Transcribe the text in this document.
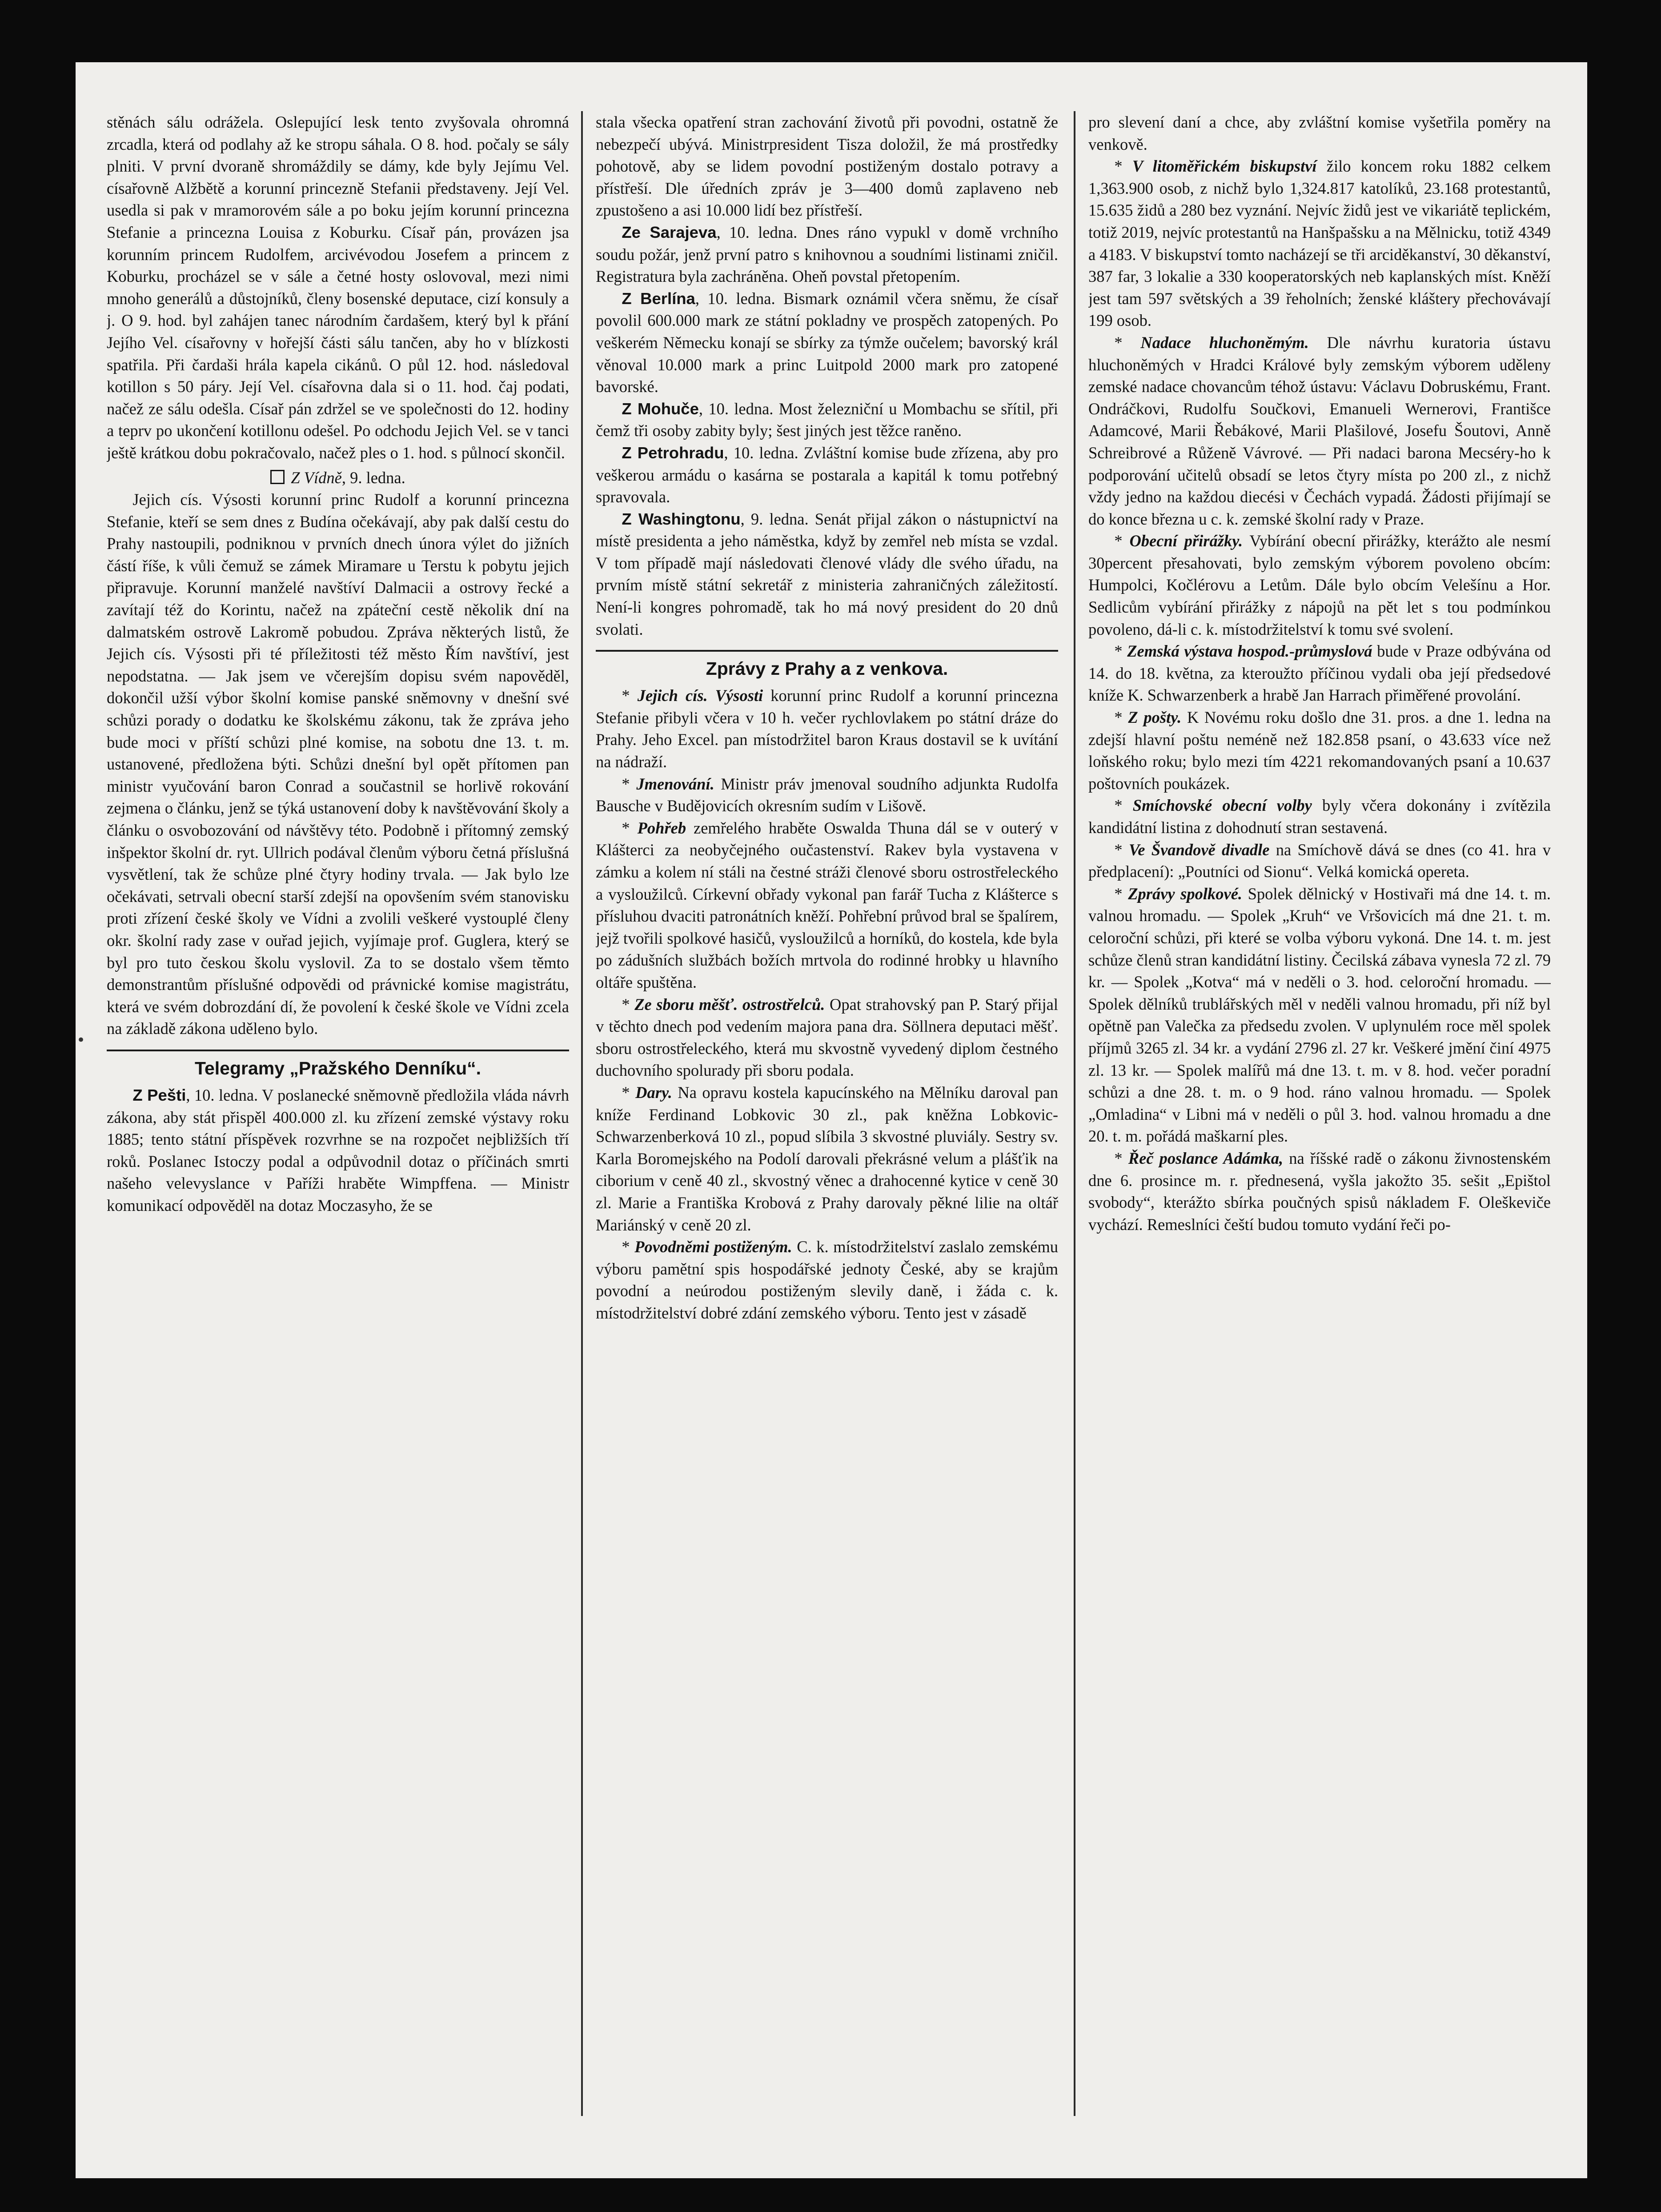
stěnách sálu odrážela. Oslepující lesk tento zvyšovala ohromná zrcadla, která od podlahy až ke stropu sáhala. O 8. hod. počaly se sály plniti. V první dvoraně shromáždily se dámy, kde byly Jejímu Vel. císařovně Alžbětě a korunní princezně Stefanii představeny. Její Vel. usedla si pak v mramorovém sále a po boku jejím korunní princezna Stefanie a princezna Louisa z Koburku. Císař pán, provázen jsa korunním princem Rudolfem, arcivévodou Josefem a princem z Koburku, procházel se v sále a četné hosty oslovoval, mezi nimi mnoho generálů a důstojníků, členy bosenské deputace, cizí konsuly a j. O 9. hod. byl zahájen tanec národním čardašem, který byl k přání Jejího Vel. císařovny v hořejší části sálu tančen, aby ho v blízkosti spatřila. Při čardaši hrála kapela cikánů. O půl 12. hod. následoval kotillon s 50 páry. Její Vel. císařovna dala si o 11. hod. čaj podati, načež ze sálu odešla. Císař pán zdržel se ve společnosti do 12. hodiny a teprv po ukončení kotillonu odešel. Po odchodu Jejich Vel. se v tanci ještě krátkou dobu pokračovalo, načež ples o 1. hod. s půlnocí skončil.

Z Vídně, 9. ledna.

Jejich cís. Výsosti korunní princ Rudolf a korunní princezna Stefanie, kteří se sem dnes z Budína očekávají, aby pak další cestu do Prahy nastoupili, podniknou v prvních dnech února výlet do jižních částí říše, k vůli čemuž se zámek Miramare u Terstu k pobytu jejich připravuje. Korunní manželé navštíví Dalmacii a ostrovy řecké a zavítají též do Korintu, načež na zpáteční cestě několik dní na dalmatském ostrově Lakromě pobudou. Zpráva některých listů, že Jejich cís. Výsosti při té příležitosti též město Řím navštíví, jest nepodstatna. — Jak jsem ve včerejším dopisu svém napověděl, dokončil užší výbor školní komise panské sněmovny v dnešní své schůzi porady o dodatku ke školskému zákonu, tak že zpráva jeho bude moci v příští schůzi plné komise, na sobotu dne 13. t. m. ustanovené, předložena býti. Schůzi dnešní byl opět přítomen pan ministr vyučování baron Conrad a součastnil se horlivě rokování zejmena o článku, jenž se týká ustanovení doby k navštěvování školy a článku o osvobozování od návštěvy této. Podobně i přítomný zemský inšpektor školní dr. ryt. Ullrich podával členům výboru četná příslušná vysvětlení, tak že schůze plné čtyry hodiny trvala. — Jak bylo lze očekávati, setrvali obecní starší zdejší na opovšením svém stanovisku proti zřízení české školy ve Vídni a zvolili veškeré vystouplé členy okr. školní rady zase v ouřad jejich, vyjímaje prof. Guglera, který se byl pro tuto českou školu vyslovil. Za to se dostalo všem těmto demonstrantům příslušné odpovědi od právnické komise magistrátu, která ve svém dobrozdání dí, že povolení k české škole ve Vídni zcela na základě zákona uděleno bylo.

Telegramy „Pražského Denníku“.

Z Pešti, 10. ledna. V poslanecké sněmovně předložila vláda návrh zákona, aby stát přispěl 400.000 zl. ku zřízení zemské výstavy roku 1885; tento státní příspěvek rozvrhne se na rozpočet nejbližších tří roků. Poslanec Istoczy podal a odpůvodnil dotaz o příčinách smrti našeho velevyslance v Paříži hraběte Wimpffena. — Ministr komunikací odpověděl na dotaz Moczasyho, že se

stala všecka opatření stran zachování životů při povodni, ostatně že nebezpečí ubývá. Ministrpresident Tisza doložil, že má prostředky pohotově, aby se lidem povodní postiženým dostalo potravy a přístřeší. Dle úředních zpráv je 3—400 domů zaplaveno neb zpustošeno a asi 10.000 lidí bez přístřeší.

Ze Sarajeva, 10. ledna. Dnes ráno vypukl v domě vrchního soudu požár, jenž první patro s knihovnou a soudními listinami zničil. Registratura byla zachráněna. Oheň povstal přetopením.

Z Berlína, 10. ledna. Bismark oznámil včera sněmu, že císař povolil 600.000 mark ze státní pokladny ve prospěch zatopených. Po veškerém Německu konají se sbírky za týmže oučelem; bavorský král věnoval 10.000 mark a princ Luitpold 2000 mark pro zatopené bavorské.

Z Mohuče, 10. ledna. Most železniční u Mombachu se sřítil, při čemž tři osoby zabity byly; šest jiných jest těžce raněno.

Z Petrohradu, 10. ledna. Zvláštní komise bude zřízena, aby pro veškerou armádu o kasárna se postarala a kapitál k tomu potřebný spravovala.

Z Washingtonu, 9. ledna. Senát přijal zákon o nástupnictví na místě presidenta a jeho náměstka, když by zemřel neb místa se vzdal. V tom případě mají následovati členové vlády dle svého úřadu, na prvním místě státní sekretář z ministeria zahraničných záležitostí. Není-li kongres pohromadě, tak ho má nový president do 20 dnů svolati.

Zprávy z Prahy a z venkova.

* Jejich cís. Výsosti korunní princ Rudolf a korunní princezna Stefanie přibyli včera v 10 h. večer rychlovlakem po státní dráze do Prahy. Jeho Excel. pan místodržitel baron Kraus dostavil se k uvítání na nádraží.

* Jmenování. Ministr práv jmenoval soudního adjunkta Rudolfa Bausche v Budějovicích okresním sudím v Lišově.

* Pohřeb zemřelého hraběte Oswalda Thuna dál se v outerý v Klášterci za neobyčejného oučastenství. Rakev byla vystavena v zámku a kolem ní stáli na čestné stráži členové sboru ostrostřeleckého a vysloužilců. Církevní obřady vykonal pan farář Tucha z Klášterce s přísluhou dvaciti patronátních kněží. Pohřební průvod bral se špalírem, jejž tvořili spolkové hasičů, vysloužilců a horníků, do kostela, kde byla po zádušních službách božích mrtvola do rodinné hrobky u hlavního oltáře spuštěna.

* Ze sboru měšť. ostrostřelců. Opat strahovský pan P. Starý přijal v těchto dnech pod vedením majora pana dra. Söllnera deputaci měšť. sboru ostrostřeleckého, která mu skvostně vyvedený diplom čestného duchovního spolurady při sboru podala.

* Dary. Na opravu kostela kapucínského na Mělníku daroval pan kníže Ferdinand Lobkovic 30 zl., pak kněžna Lobkovic-Schwarzenberková 10 zl., popud slíbila 3 skvostné pluviály. Sestry sv. Karla Boromejského na Podolí darovali překrásné velum a plášťik na ciborium v ceně 40 zl., skvostný věnec a drahocenné kytice v ceně 30 zl. Marie a Františka Krobová z Prahy darovaly pěkné lilie na oltář Mariánský v ceně 20 zl.

* Povodněmi postiženým. C. k. místodržitelství zaslalo zemskému výboru pamětní spis hospodářské jednoty České, aby se krajům povodní a neúrodou postiženým slevily daně, i žáda c. k. místodržitelství dobré zdání zemského výboru. Tento jest v zásadě

pro slevení daní a chce, aby zvláštní komise vyšetřila poměry na venkově.

* V litoměřickém biskupství žilo koncem roku 1882 celkem 1,363.900 osob, z nichž bylo 1,324.817 katolíků, 23.168 protestantů, 15.635 židů a 280 bez vyznání. Nejvíc židů jest ve vikariátě teplickém, totiž 2019, nejvíc protestantů na Hanšpašsku a na Mělnicku, totiž 4349 a 4183. V biskupství tomto nacházejí se tři arciděkanství, 30 děkanství, 387 far, 3 lokalie a 330 kooperatorských neb kaplanských míst. Kněží jest tam 597 světských a 39 řeholních; ženské kláštery přechovávají 199 osob.

* Nadace hluchoněmým. Dle návrhu kuratoria ústavu hluchoněmých v Hradci Králové byly zemským výborem uděleny zemské nadace chovancům téhož ústavu: Václavu Dobruskému, Frant. Ondráčkovi, Rudolfu Součkovi, Emanueli Wernerovi, Františce Adamcové, Marii Řebákové, Marii Plašilové, Josefu Šoutovi, Anně Schreibrové a Růženě Vávrové. — Při nadaci barona Mecséry-ho k podporování učitelů obsadí se letos čtyry místa po 200 zl., z nichž vždy jedno na každou diecési v Čechách vypadá. Žádosti přijímají se do konce března u c. k. zemské školní rady v Praze.

* Obecní přirážky. Vybírání obecní přirážky, kterážto ale nesmí 30percent přesahovati, bylo zemským výborem povoleno obcím: Humpolci, Kočlérovu a Letům. Dále bylo obcím Velešínu a Hor. Sedlicům vybírání přirážky z nápojů na pět let s tou podmínkou povoleno, dá-li c. k. místodržitelství k tomu své svolení.

* Zemská výstava hospod.-průmyslová bude v Praze odbývána od 14. do 18. května, za kteroužto příčinou vydali oba její předsedové kníže K. Schwarzenberk a hrabě Jan Harrach přiměřené provolání.

* Z pošty. K Novému roku došlo dne 31. pros. a dne 1. ledna na zdejší hlavní poštu neméně než 182.858 psaní, o 43.633 více než loňského roku; bylo mezi tím 4221 rekomandovaných psaní a 10.637 poštovních poukázek.

* Smíchovské obecní volby byly včera dokonány i zvítězila kandidátní listina z dohodnutí stran sestavená.

* Ve Švandově divadle na Smíchově dává se dnes (co 41. hra v předplacení): „Poutníci od Sionu“. Velká komická opereta.

* Zprávy spolkové. Spolek dělnický v Hostivaři má dne 14. t. m. valnou hromadu. — Spolek „Kruh“ ve Vršovicích má dne 21. t. m. celoroční schůzi, při které se volba výboru vykoná. Dne 14. t. m. jest schůze členů stran kandidátní listiny. Čecilská zábava vynesla 72 zl. 79 kr. — Spolek „Kotva“ má v neděli o 3. hod. celoroční hromadu. — Spolek dělníků trublářských měl v neděli valnou hromadu, při níž byl opětně pan Valečka za předsedu zvolen. V uplynulém roce měl spolek příjmů 3265 zl. 34 kr. a vydání 2796 zl. 27 kr. Veškeré jmění činí 4975 zl. 13 kr. — Spolek malířů má dne 13. t. m. v 8. hod. večer poradní schůzi a dne 28. t. m. o 9 hod. ráno valnou hromadu. — Spolek „Omladina“ v Libni má v neděli o půl 3. hod. valnou hromadu a dne 20. t. m. pořádá maškarní ples.

* Řeč poslance Adámka, na říšské radě o zákonu živnostenském dne 6. prosince m. r. přednesená, vyšla jakožto 35. sešit „Epištol svobody“, kterážto sbírka poučných spisů nákladem F. Oleškeviče vychází. Remeslníci čeští budou tomuto vydání řeči po-

•
